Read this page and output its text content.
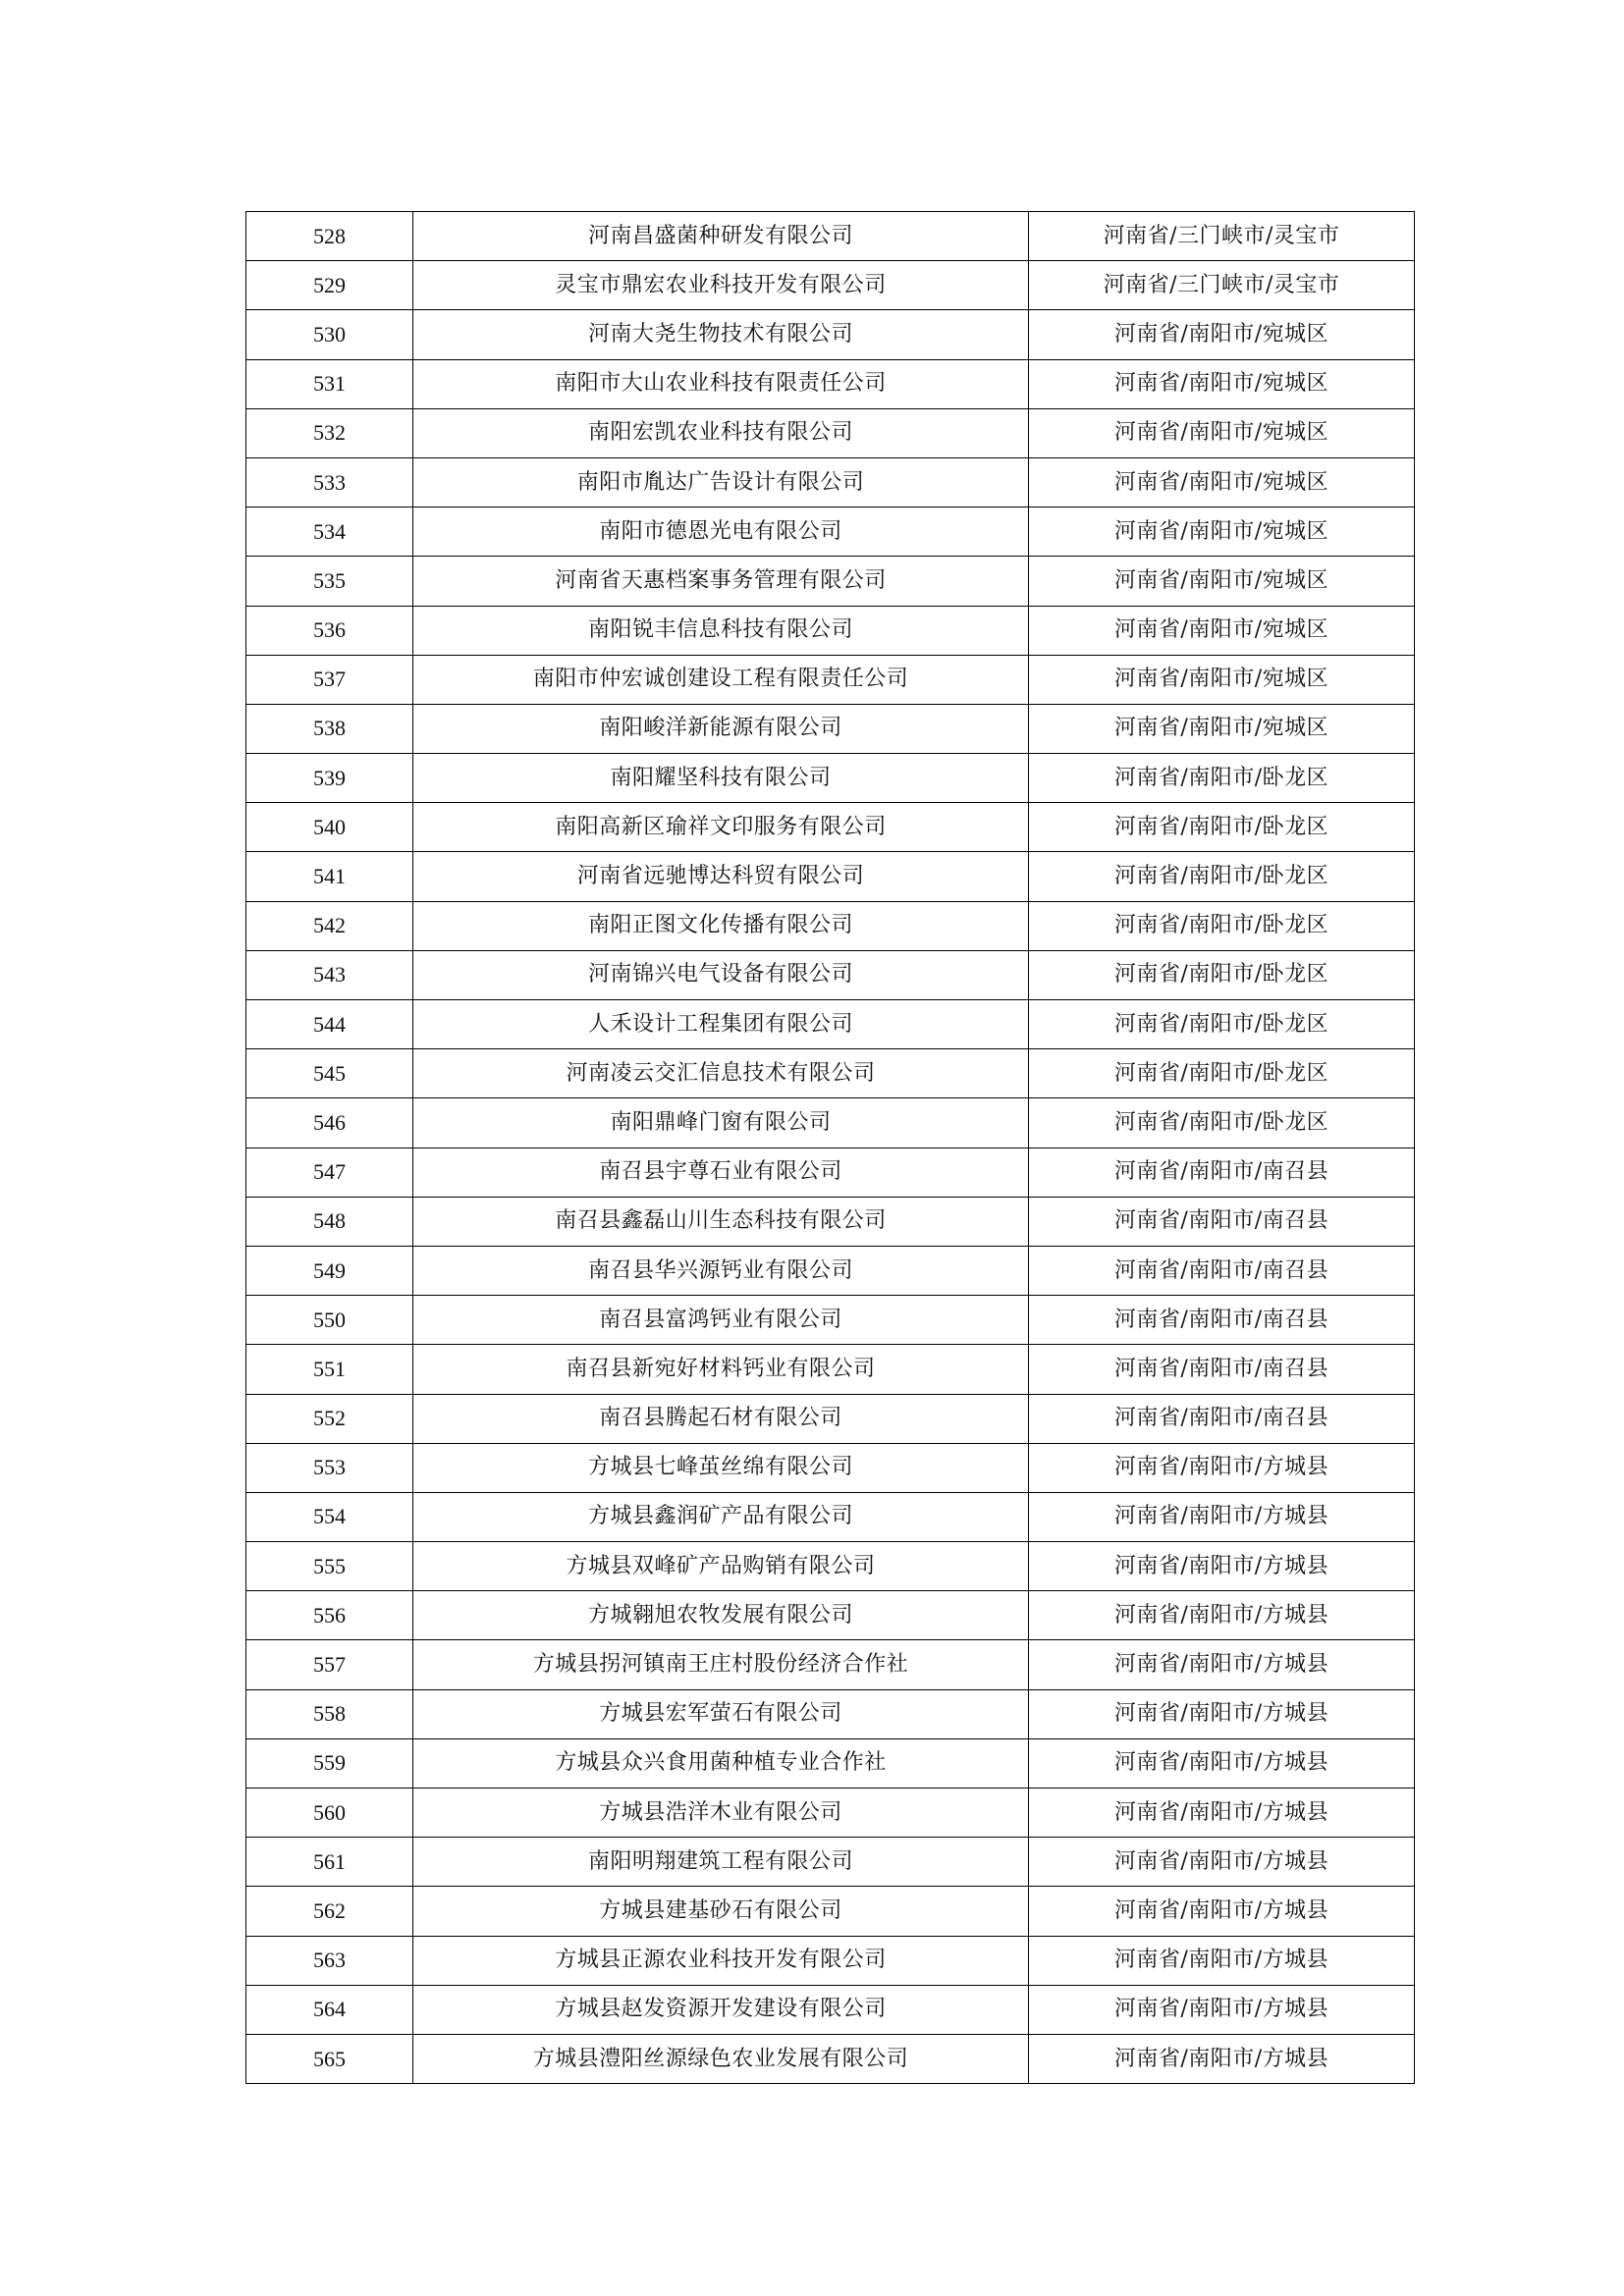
528	河南昌盛菌种研发有限公司	河南省/三门峡市/灵宝市
529	灵宝市鼎宏农业科技开发有限公司	河南省/三门峡市/灵宝市
530	河南大尧生物技术有限公司	河南省/南阳市/宛城区
531	南阳市大山农业科技有限责任公司	河南省/南阳市/宛城区
532	南阳宏凯农业科技有限公司	河南省/南阳市/宛城区
533	南阳市胤达广告设计有限公司	河南省/南阳市/宛城区
534	南阳市德恩光电有限公司	河南省/南阳市/宛城区
535	河南省天惠档案事务管理有限公司	河南省/南阳市/宛城区
536	南阳锐丰信息科技有限公司	河南省/南阳市/宛城区
537	南阳市仲宏诚创建设工程有限责任公司	河南省/南阳市/宛城区
538	南阳峻洋新能源有限公司	河南省/南阳市/宛城区
539	南阳耀坚科技有限公司	河南省/南阳市/卧龙区
540	南阳高新区瑜祥文印服务有限公司	河南省/南阳市/卧龙区
541	河南省远驰博达科贸有限公司	河南省/南阳市/卧龙区
542	南阳正图文化传播有限公司	河南省/南阳市/卧龙区
543	河南锦兴电气设备有限公司	河南省/南阳市/卧龙区
544	人禾设计工程集团有限公司	河南省/南阳市/卧龙区
545	河南凌云交汇信息技术有限公司	河南省/南阳市/卧龙区
546	南阳鼎峰门窗有限公司	河南省/南阳市/卧龙区
547	南召县宇尊石业有限公司	河南省/南阳市/南召县
548	南召县鑫磊山川生态科技有限公司	河南省/南阳市/南召县
549	南召县华兴源钙业有限公司	河南省/南阳市/南召县
550	南召县富鸿钙业有限公司	河南省/南阳市/南召县
551	南召县新宛好材料钙业有限公司	河南省/南阳市/南召县
552	南召县腾起石材有限公司	河南省/南阳市/南召县
553	方城县七峰茧丝绵有限公司	河南省/南阳市/方城县
554	方城县鑫润矿产品有限公司	河南省/南阳市/方城县
555	方城县双峰矿产品购销有限公司	河南省/南阳市/方城县
556	方城翱旭农牧发展有限公司	河南省/南阳市/方城县
557	方城县拐河镇南王庄村股份经济合作社	河南省/南阳市/方城县
558	方城县宏军萤石有限公司	河南省/南阳市/方城县
559	方城县众兴食用菌种植专业合作社	河南省/南阳市/方城县
560	方城县浩洋木业有限公司	河南省/南阳市/方城县
561	南阳明翔建筑工程有限公司	河南省/南阳市/方城县
562	方城县建基砂石有限公司	河南省/南阳市/方城县
563	方城县正源农业科技开发有限公司	河南省/南阳市/方城县
564	方城县赵发资源开发建设有限公司	河南省/南阳市/方城县
565	方城县澧阳丝源绿色农业发展有限公司	河南省/南阳市/方城县
